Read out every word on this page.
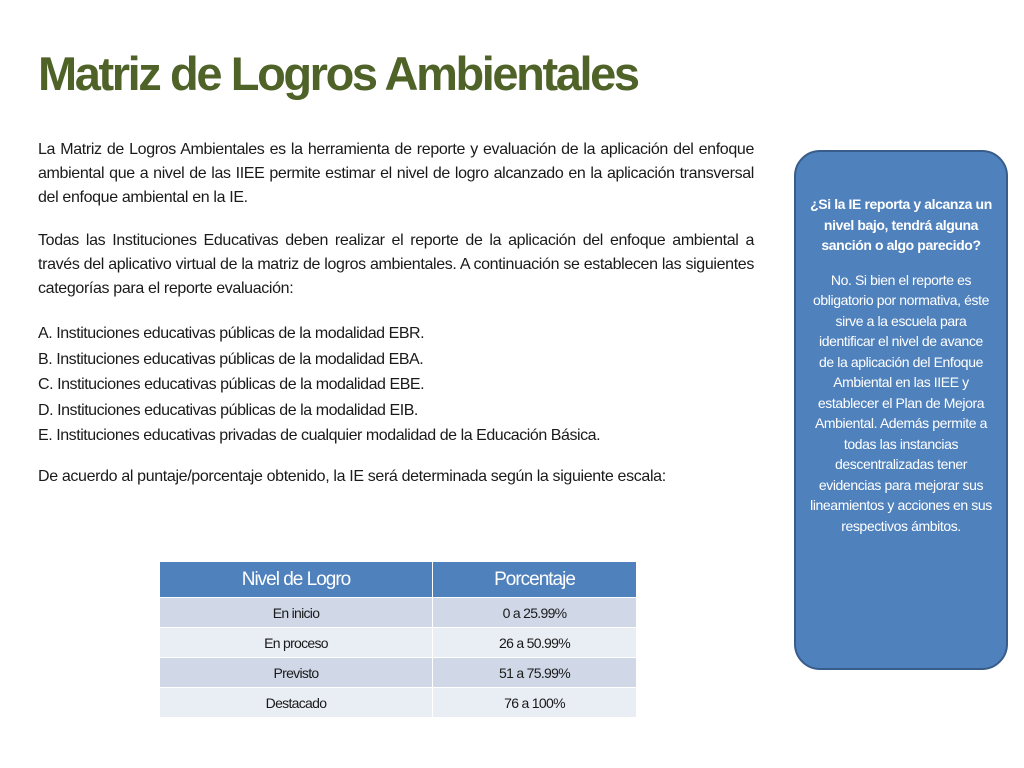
Matriz de Logros Ambientales

La Matriz de Logros Ambientales es la herramienta de reporte y evaluación de la aplicación del enfoque ambiental que a nivel de las IIEE permite estimar el nivel de logro alcanzado en la aplicación transversal del enfoque ambiental en la IE.

Todas las Instituciones Educativas deben realizar el reporte de la aplicación del enfoque ambiental a través del aplicativo virtual de la matriz de logros ambientales. A continuación se establecen las siguientes categorías para el reporte evaluación:

A. Instituciones educativas públicas de la modalidad EBR.
B. Instituciones educativas públicas de la modalidad EBA.
C. Instituciones educativas públicas de la modalidad EBE.
D. Instituciones educativas públicas de la modalidad EIB.
E. Instituciones educativas privadas de cualquier modalidad de la Educación Básica.

De acuerdo al puntaje/porcentaje obtenido, la IE será determinada según la siguiente escala:

Nivel de Logro	Porcentaje
En inicio	0 a 25.99%
En proceso	26 a 50.99%
Previsto	51 a 75.99%
Destacado	76 a 100%

¿Si la IE reporta y alcanza un nivel bajo, tendrá alguna sanción o algo parecido?

No. Si bien el reporte es obligatorio por normativa, éste sirve a la escuela para identificar el nivel de avance de la aplicación del Enfoque Ambiental en las IIEE y establecer el Plan de Mejora Ambiental. Además permite a todas las instancias descentralizadas tener evidencias para mejorar sus lineamientos y acciones en sus respectivos ámbitos.
